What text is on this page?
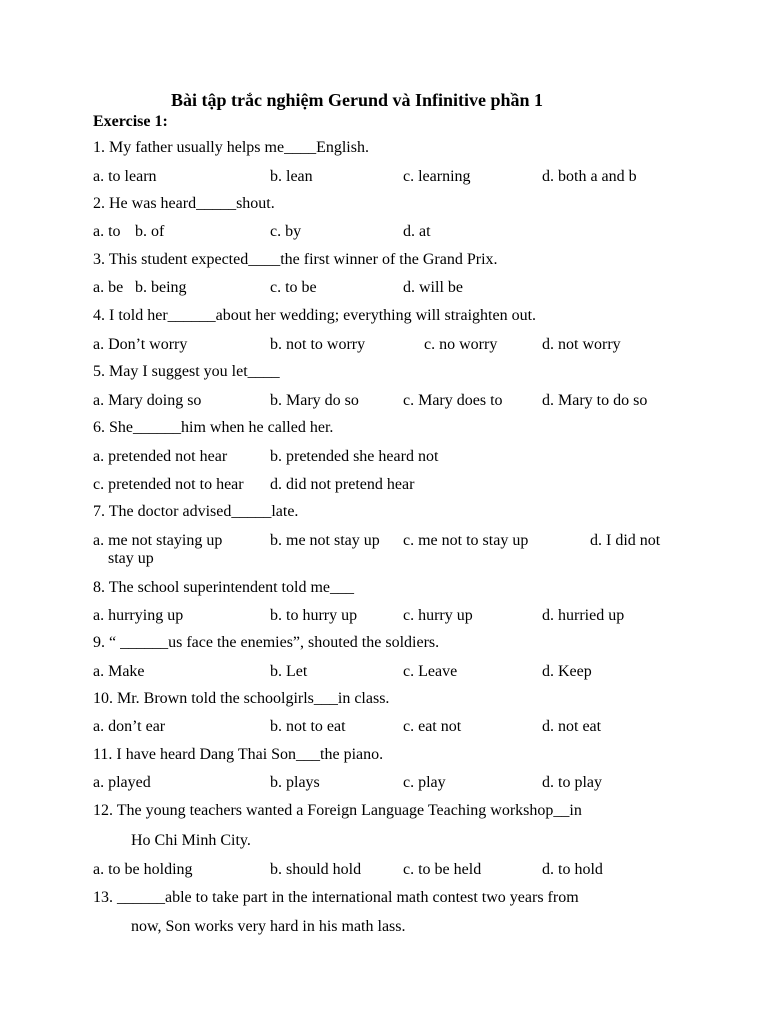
Bài tập trắc nghiệm Gerund và Infinitive phần 1
Exercise 1:
1. My father usually helps me____English.
a. to learn	b. lean	c. learning	d. both a and b
2. He was heard_____shout.
a. to b. of	c. by	d. at
3. This student expected____the first winner of the Grand Prix.
a. be b. being	c. to be	d. will be
4. I told her______about her wedding; everything will straighten out.
a. Don’t worry	b. not to worry	c. no worry	d. not worry
5. May I suggest you let____
a. Mary doing so	b. Mary do so	c. Mary does to d. Mary to do so
6. She______him when he called her.
a. pretended not hear	b. pretended she heard not
c. pretended not to hear d. did not pretend hear
7. The doctor advised_____late.
a. me not staying up	b. me not stay up c. me not to stay up	d. I did not
stay up
8. The school superintendent told me___
a. hurrying up	b. to hurry up	c. hurry up	d. hurried up
9. “ ______us face the enemies”, shouted the soldiers.
a. Make	b. Let	c. Leave	d. Keep
10. Mr. Brown told the schoolgirls___in class.
a. don’t ear	b. not to eat	c. eat not	d. not eat
11. I have heard Dang Thai Son___the piano.
a. played	b. plays	c. play	d. to play
12. The young teachers wanted a Foreign Language Teaching workshop__in
Ho Chi Minh City.
a. to be holding	b. should hold	c. to be held	d. to hold
13. ______able to take part in the international math contest two years from
now, Son works very hard in his math lass.
